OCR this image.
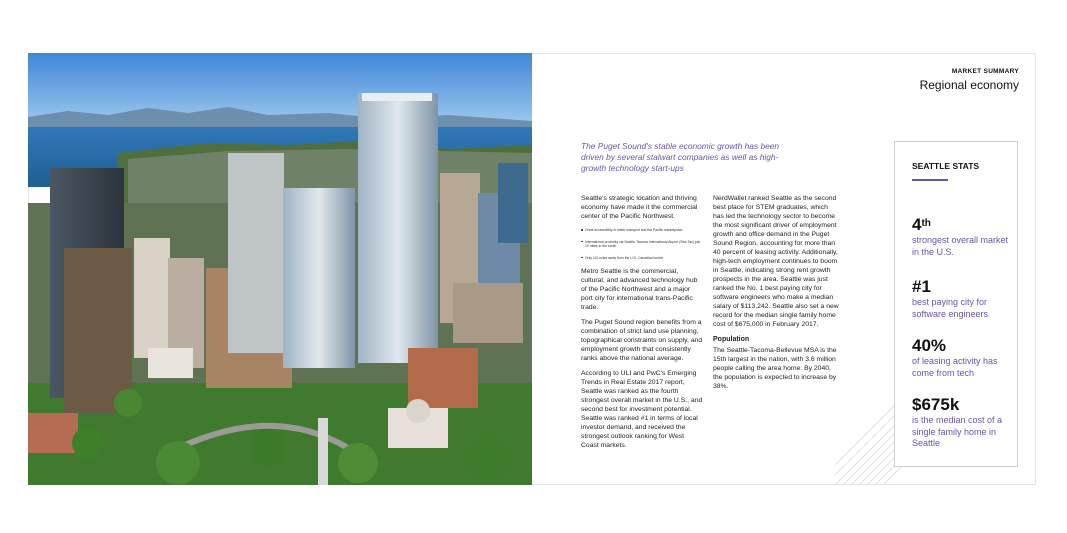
MARKET SUMMARY
Regional economy
The Puget Sound's stable economic growth has been driven by several stalwart companies as well as high-growth technology start-ups

Seattle's strategic location and thriving economy have made it the commercial center of the Pacific Northwest.

Great accessibility to water transport and the Pacific marketplace
International proximity via Seattle-Tacoma International Airport (Sea-Tac) just 10 miles to the south
Only 110 miles away from the U.S.-Canadian border

Metro Seattle is the commercial, cultural, and advanced technology hub of the Pacific Northwest and a major port city for international trans-Pacific trade.

The Puget Sound region benefits from a combination of strict land use planning, topographical constraints on supply, and employment growth that consistently ranks above the national average.

According to ULI and PwC's Emerging Trends in Real Estate 2017 report, Seattle was ranked as the fourth strongest overall market in the U.S., and second best for investment potential. Seattle was ranked #1 in terms of local investor demand, and received the strongest outlook ranking for West Coast markets.

NerdWallet ranked Seattle as the second best place for STEM graduates, which has led the technology sector to become the most significant driver of employment growth and office demand in the Puget Sound Region, accounting for more than 40 percent of leasing activity. Additionally, high-tech employment continues to boom in Seattle, indicating strong rent growth prospects in the area. Seattle was just ranked the No. 1 best paying city for software engineers who make a median salary of $113,242. Seattle also set a new record for the median single family home cost of $675,000 in February 2017.

Population

The Seattle-Tacoma-Bellevue MSA is the 15th largest in the nation, with 3.6 million people calling the area home. By 2040, the population is expected to increase by 38%.

SEATTLE STATS
4th
strongest overall market in the U.S.
#1
best paying city for software engineers
40%
of leasing activity has come from tech
$675k
is the median cost of a single family home in Seattle
